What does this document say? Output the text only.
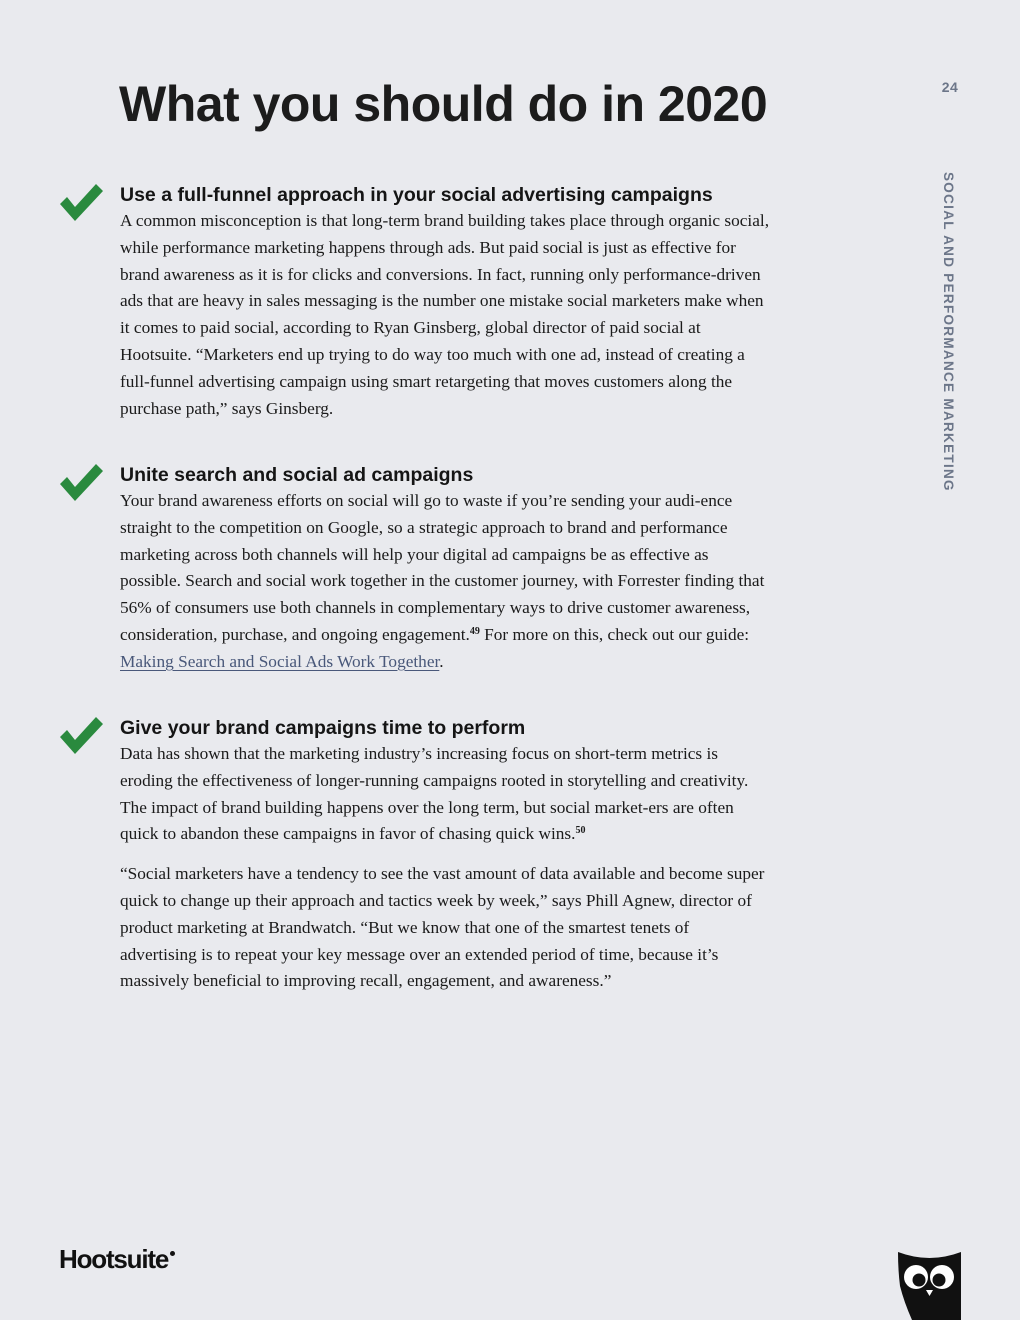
What you should do in 2020	24
SOCIAL AND PERFORMANCE MARKETING
Use a full-funnel approach in your social advertising campaigns

A common misconception is that long-term brand building takes place through organic social, while performance marketing happens through ads. But paid social is just as effective for brand awareness as it is for clicks and conversions. In fact, running only performance-driven ads that are heavy in sales messaging is the number one mistake social marketers make when it comes to paid social, according to Ryan Ginsberg, global director of paid social at Hootsuite. “Marketers end up trying to do way too much with one ad, instead of creating a full-funnel advertising campaign using smart retargeting that moves customers along the purchase path,” says Ginsberg.

Unite search and social ad campaigns

Your brand awareness efforts on social will go to waste if you’re sending your audi-ence straight to the competition on Google, so a strategic approach to brand and performance marketing across both channels will help your digital ad campaigns be as effective as possible. Search and social work together in the customer journey, with Forrester finding that 56% of consumers use both channels in complementary ways to drive customer awareness, consideration, purchase, and ongoing engagement.$^{49}$ For more on this, check out our guide: Making Search and Social Ads Work Together.

Give your brand campaigns time to perform

Data has shown that the marketing industry’s increasing focus on short-term metrics is eroding the effectiveness of longer-running campaigns rooted in storytelling and creativity. The impact of brand building happens over the long term, but social market-ers are often quick to abandon these campaigns in favor of chasing quick wins.$^{50}$

“Social marketers have a tendency to see the vast amount of data available and become super quick to change up their approach and tactics week by week,” says Phill Agnew, director of product marketing at Brandwatch. “But we know that one of the smartest tenets of advertising is to repeat your key message over an extended period of time, because it’s massively beneficial to improving recall, engagement, and awareness.”

Hootsuite
